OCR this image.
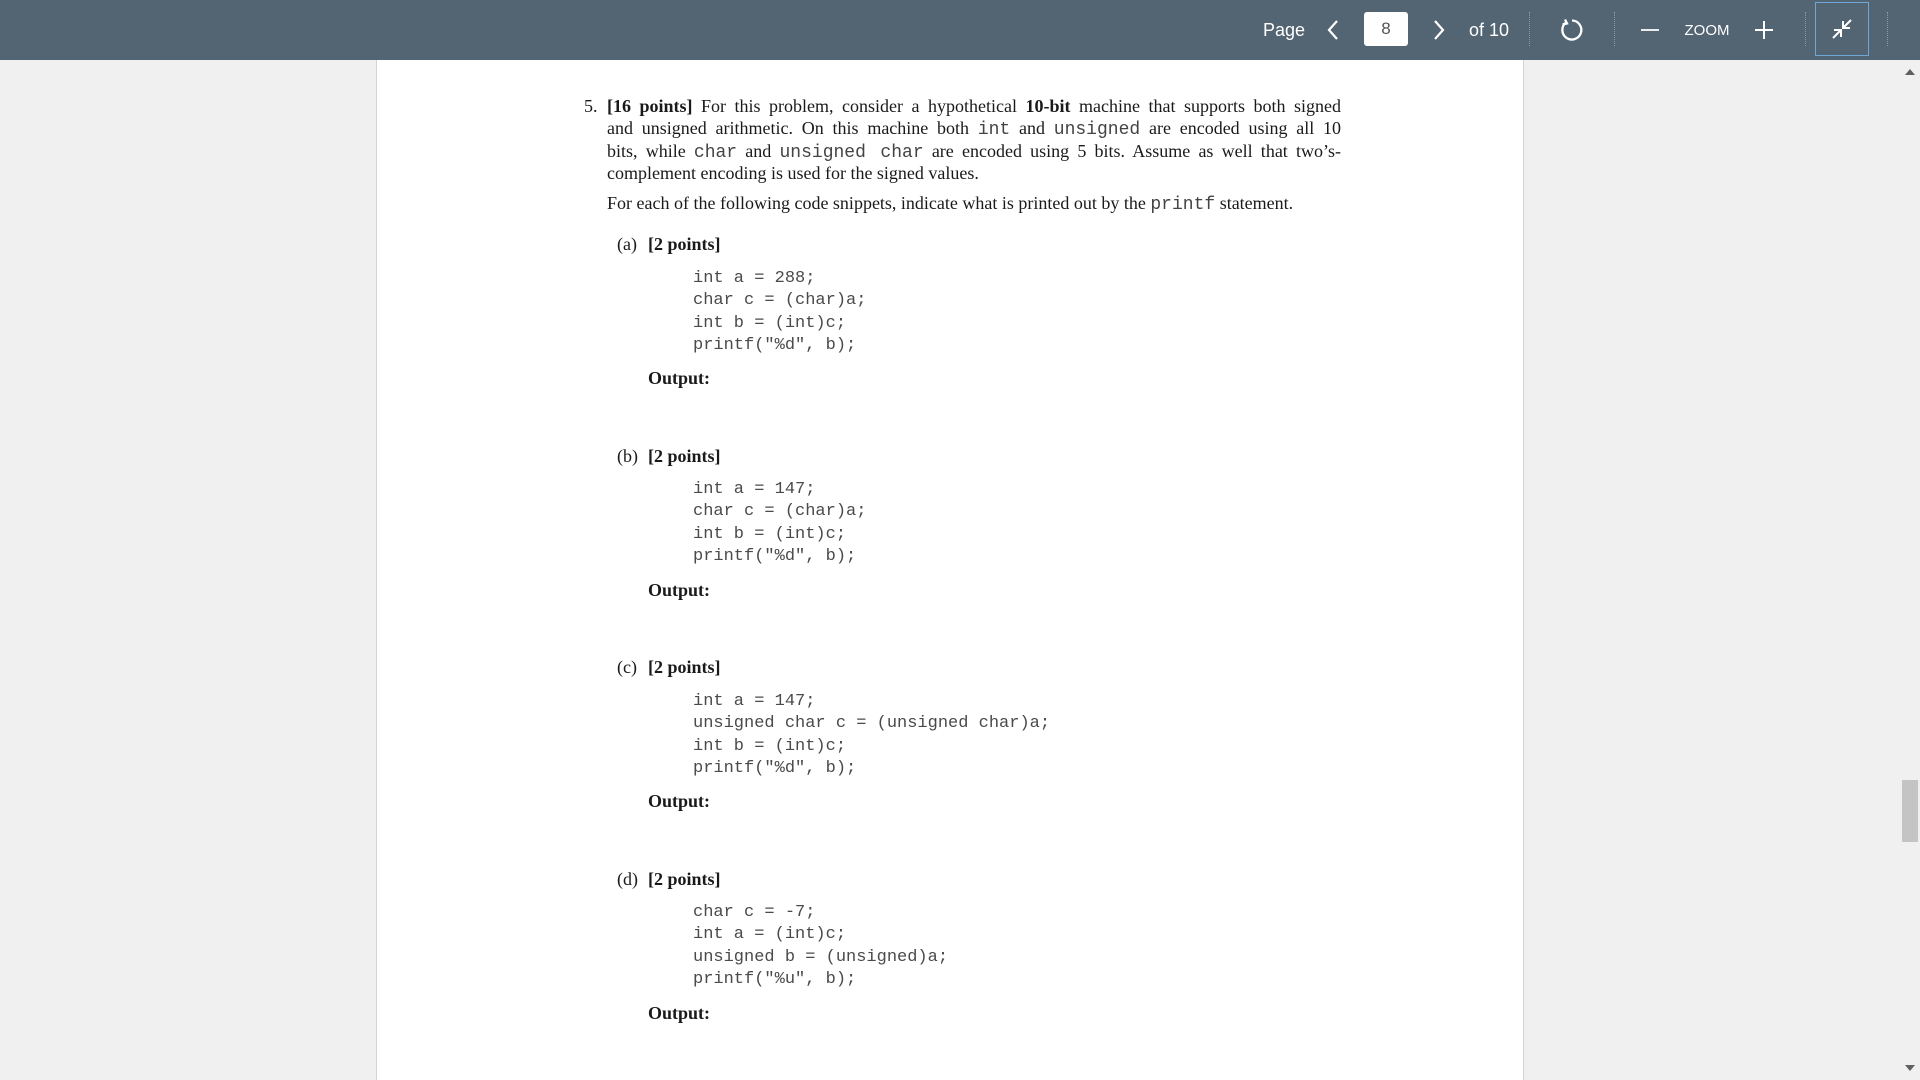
Page
8	of 10	ZOOM
5. [16 points] For this problem, consider a hypothetical 10-bit machine that supports both signed
and unsigned arithmetic. On this machine both int and unsigned are encoded using all 10
bits, while char and unsigned char are encoded using 5 bits. Assume as well that two’s-
complement encoding is used for the signed values.
For each of the following code snippets, indicate what is printed out by the printf statement.
(a) [2 points]
int a = 288;
char c = (char)a;
int b = (int)c;
printf("%d", b);
Output:
(b) [2 points]
int a = 147;
char c = (char)a;
int b = (int)c;
printf("%d", b);
Output:
(c) [2 points]
int a = 147;
unsigned char c = (unsigned char)a;
int b = (int)c;
printf("%d", b);
Output:
(d) [2 points]
char c = -7;
int a = (int)c;
unsigned b = (unsigned)a;
printf("%u", b);
Output:
